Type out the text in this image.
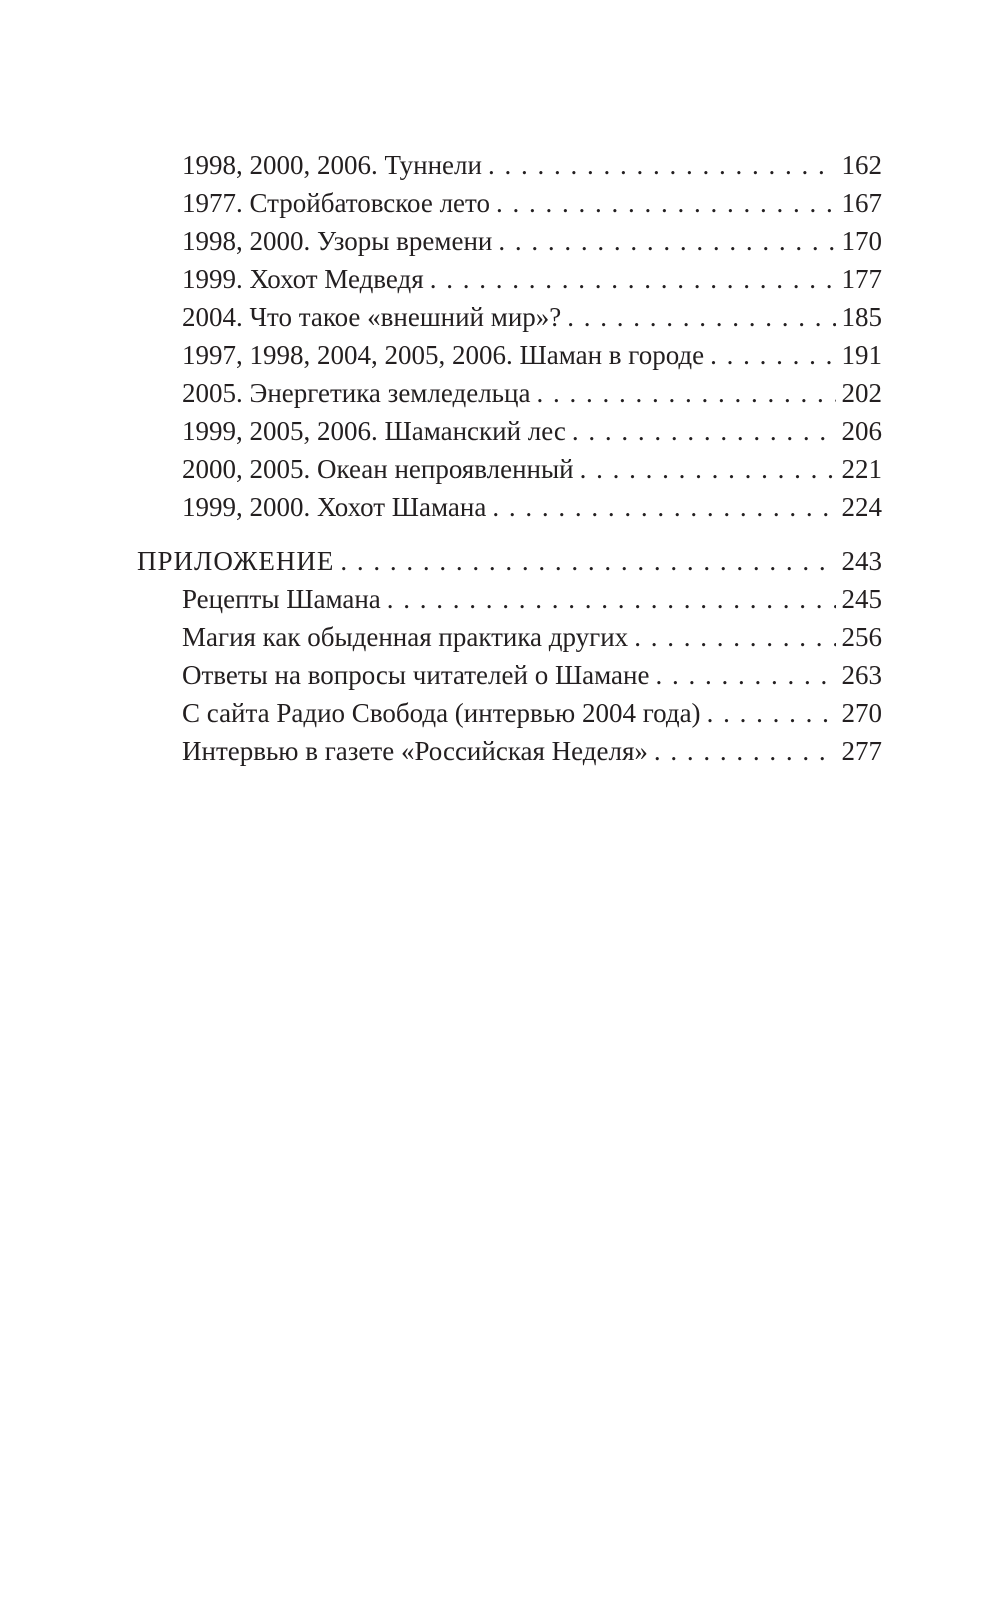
1998, 2000, 2006. Туннели . . .	162
1977. Стройбатовское лето . . .	167
1998, 2000. Узоры времени . . .	170
1999. Хохот Медведя . . .	177
2004. Что такое «внешний мир»? . . .	185
1997, 1998, 2004, 2005, 2006. Шаман в городе . . .	191
2005. Энергетика земледельца . . .	202
1999, 2005, 2006. Шаманский лес . . .	206
2000, 2005. Океан непроявленный . . .	221
1999, 2000. Хохот Шамана . . .	224
ПРИЛОЖЕНИЕ . . .	243
Рецепты Шамана . . .	245
Магия как обыденная практика других . . .	256
Ответы на вопросы читателей о Шамане . . .	263
С сайта Радио Свобода (интервью 2004 года) . . .	270
Интервью в газете «Российская Неделя» . . .	277
